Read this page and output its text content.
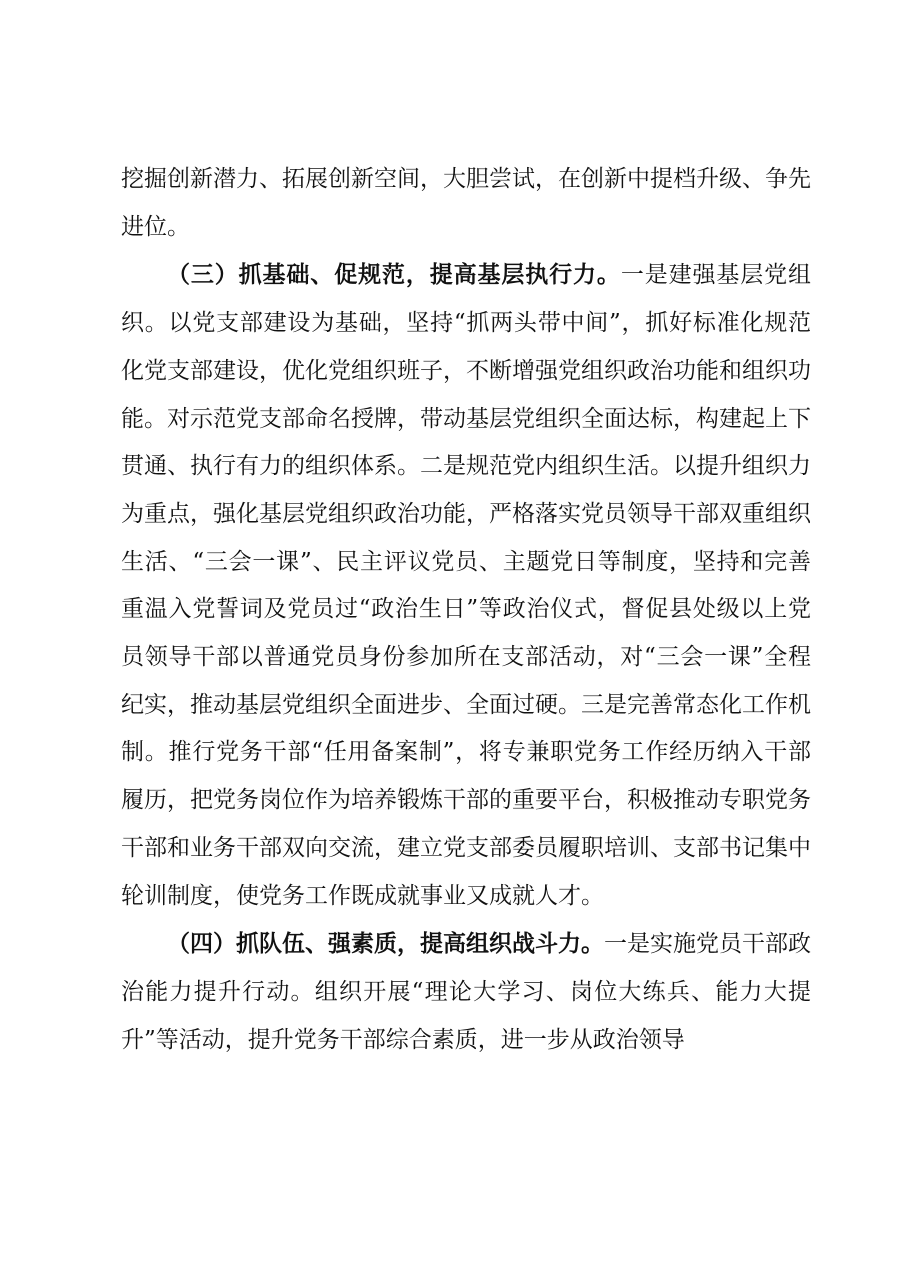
挖掘创新潜力、拓展创新空间，大胆尝试，在创新中提档升级、争先进位。

（三）抓基础、促规范，提高基层执行力。一是建强基层党组织。以党支部建设为基础，坚持“抓两头带中间”，抓好标准化规范化党支部建设，优化党组织班子，不断增强党组织政治功能和组织功能。对示范党支部命名授牌，带动基层党组织全面达标，构建起上下贯通、执行有力的组织体系。二是规范党内组织生活。以提升组织力为重点，强化基层党组织政治功能，严格落实党员领导干部双重组织生活、“三会一课”、民主评议党员、主题党日等制度，坚持和完善重温入党誓词及党员过“政治生日”等政治仪式，督促县处级以上党员领导干部以普通党员身份参加所在支部活动，对“三会一课”全程纪实，推动基层党组织全面进步、全面过硬。三是完善常态化工作机制。推行党务干部“任用备案制”，将专兼职党务工作经历纳入干部履历，把党务岗位作为培养锻炼干部的重要平台，积极推动专职党务干部和业务干部双向交流，建立党支部委员履职培训、支部书记集中轮训制度，使党务工作既成就事业又成就人才。

（四）抓队伍、强素质，提高组织战斗力。一是实施党员干部政治能力提升行动。组织开展“理论大学习、岗位大练兵、能力大提升”等活动，提升党务干部综合素质，进一步从政治领导
